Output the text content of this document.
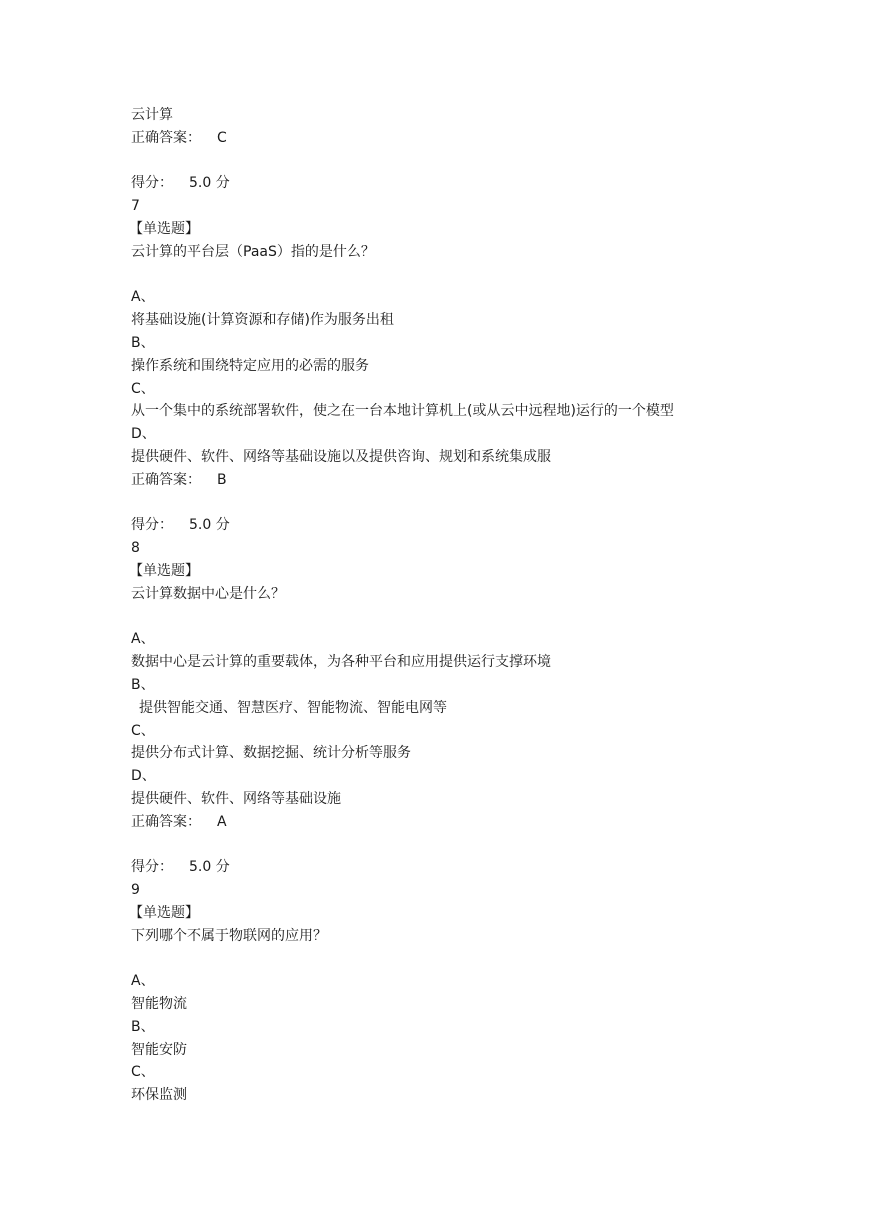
云计算
正确答案： C
得分： 5.0 分
7
【单选题】
云计算的平台层（PaaS）指的是什么？
A、
将基础设施(计算资源和存储)作为服务出租
B、
操作系统和围绕特定应用的必需的服务
C、
从一个集中的系统部署软件，使之在一台本地计算机上(或从云中远程地)运行的一个模型
D、
提供硬件、软件、网络等基础设施以及提供咨询、规划和系统集成服
正确答案： B
得分： 5.0 分
8
【单选题】
云计算数据中心是什么？
A、
数据中心是云计算的重要载体，为各种平台和应用提供运行支撑环境
B、
提供智能交通、智慧医疗、智能物流、智能电网等
C、
提供分布式计算、数据挖掘、统计分析等服务
D、
提供硬件、软件、网络等基础设施
正确答案： A
得分： 5.0 分
9
【单选题】
下列哪个不属于物联网的应用？
A、
智能物流
B、
智能安防
C、
环保监测
